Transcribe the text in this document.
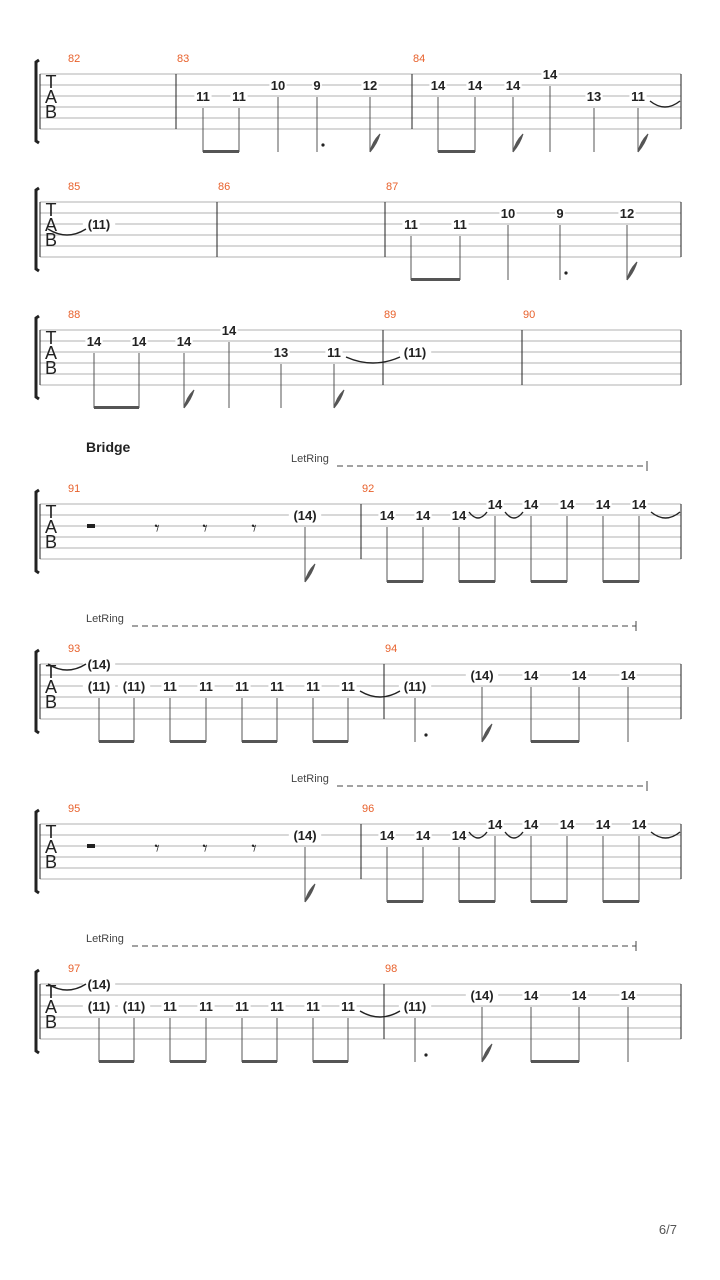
T
A
B
82	83	84
11 11
10 9	12	14 14 14
14
13 11
T
A
B
85	86	87
(11)	11	11
10	9	12
T
A
B
88	89	90
14 14 14
14
13	11	(11)
T
A
B
91	92
(14)	14 14 14
14 14 14 14 14
𝄾 𝄾 𝄾
LetRing
T
A
B
93	94
(14)
(11) (11) 11 11 11 11 11 11	(11)
(14) 14	14	14
LetRing
T
A
B
95	96
(14)	14 14 14
14 14 14 14 14
𝄾 𝄾 𝄾
LetRing
T
A
B
97	98
(14)
(11) (11) 11 11 11 11 11 11	(11)
(14) 14	14	14
LetRing
Bridge
6/7
